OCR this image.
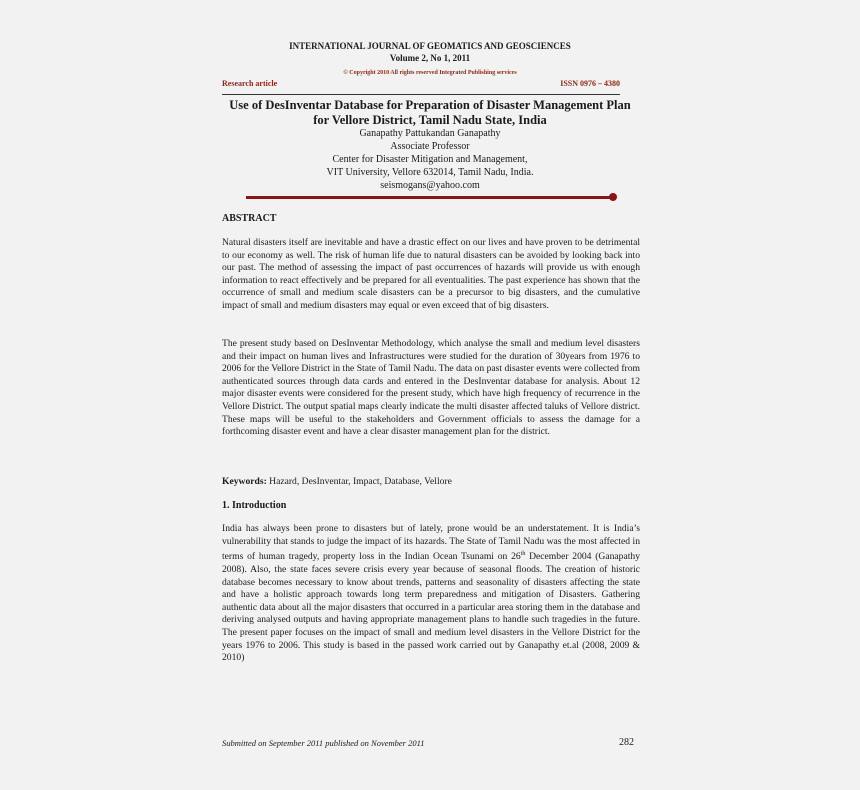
INTERNATIONAL JOURNAL OF GEOMATICS AND GEOSCIENCES
Volume 2, No 1, 2011
© Copyright 2010 All rights reserved Integrated Publishing services
Research article	ISSN 0976 – 4380
Use of DesInventar Database for Preparation of Disaster Management Plan
for Vellore District, Tamil Nadu State, India
Ganapathy Pattukandan Ganapathy
Associate Professor
Center for Disaster Mitigation and Management,
VIT University, Vellore 632014, Tamil Nadu, India.
seismogans@yahoo.com
ABSTRACT

Natural disasters itself are inevitable and have a drastic effect on our lives and have proven to be detrimental to our economy as well. The risk of human life due to natural disasters can be avoided by looking back into our past. The method of assessing the impact of past occurrences of hazards will provide us with enough information to react effectively and be prepared for all eventualities. The past experience has shown that the occurrence of small and medium scale disasters can be a precursor to big disasters, and the cumulative impact of small and medium disasters may equal or even exceed that of big disasters.

The present study based on DesInventar Methodology, which analyse the small and medium level disasters and their impact on human lives and Infrastructures were studied for the duration of 30years from 1976 to 2006 for the Vellore District in the State of Tamil Nadu. The data on past disaster events were collected from authenticated sources through data cards and entered in the DesInventar database for analysis. About 12 major disaster events were considered for the present study, which have high frequency of recurrence in the Vellore District. The output spatial maps clearly indicate the multi disaster affected taluks of Vellore district. These maps will be useful to the stakeholders and Government officials to assess the damage for a forthcoming disaster event and have a clear disaster management plan for the district.

Keywords: Hazard, DesInventar, Impact, Database, Vellore
1. Introduction

India has always been prone to disasters but of lately, prone would be an understatement. It is India’s vulnerability that stands to judge the impact of its hazards. The State of Tamil Nadu was the most affected in terms of human tragedy, property loss in the Indian Ocean Tsunami on 26th December 2004 (Ganapathy 2008). Also, the state faces severe crisis every year because of seasonal floods. The creation of historic database becomes necessary to know about trends, patterns and seasonality of disasters affecting the state and have a holistic approach towards long term preparedness and mitigation of Disasters. Gathering authentic data about all the major disasters that occurred in a particular area storing them in the database and deriving analysed outputs and having appropriate management plans to handle such tragedies in the future. The present paper focuses on the impact of small and medium level disasters in the Vellore District for the years 1976 to 2006. This study is based in the passed work carried out by Ganapathy et.al (2008, 2009 & 2010)

Submitted on September 2011 published on November 2011	282
